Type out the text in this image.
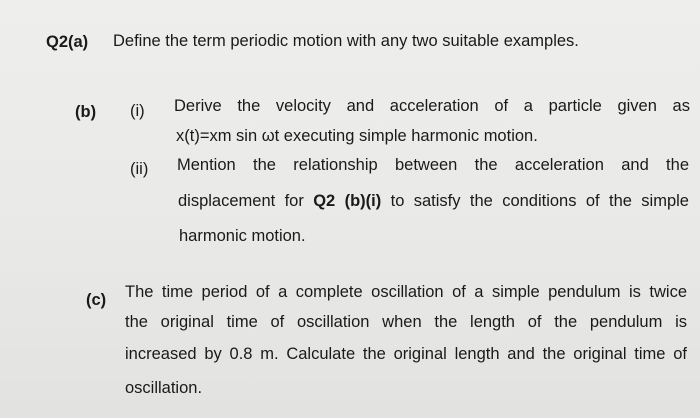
Q2(a) Define the term periodic motion with any two suitable examples.
(b) (i) Derive the velocity and acceleration of a particle given as
x(t)=xm sin ωt executing simple harmonic motion.
(ii) Mention the relationship between the acceleration and the
displacement for Q2 (b)(i) to satisfy the conditions of the simple
harmonic motion.
(c) The time period of a complete oscillation of a simple pendulum is twice
the original time of oscillation when the length of the pendulum is
increased by 0.8 m. Calculate the original length and the original time of
oscillation.
